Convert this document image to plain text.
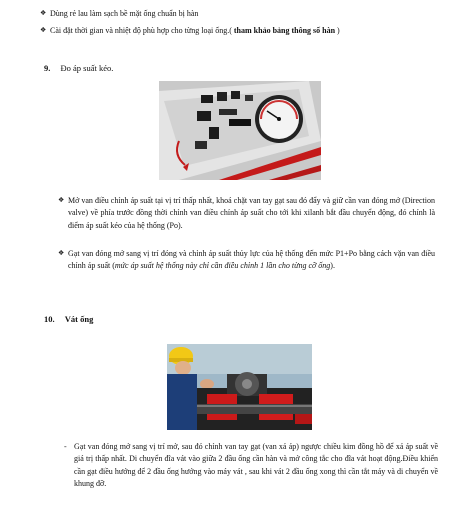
❖ Dùng rẻ lau làm sạch bề mặt ống chuẩn bị hàn
❖ Cài đặt thời gian và nhiệt độ phù hợp cho từng loại ống.( tham khảo bảng thông số hàn )
9. Đo áp suất kéo.
❖ Mở van điều chỉnh áp suất tại vị trí thấp nhất, khoá chặt van tay gạt sau đó đẩy và giữ cần van đóng mở (Direction valve) về phía trước đồng thời chỉnh van điều chỉnh áp suất cho tới khi xilanh bắt đầu chuyển động, đó chính là điểm áp suất kéo của hệ thống (Po).
❖ Gạt van đóng mở sang vị trí đóng và chỉnh áp suất thủy lực của hệ thống đến mức P1+Po bằng cách vặn van điều chỉnh áp suất (mức áp suất hệ thống này chỉ cần điều chỉnh 1 lần cho từng cỡ ống).
10. Vát ống
- Gạt van đóng mở sang vị trí mở, sau đó chỉnh van tay gạt (van xả áp) ngược chiều kim đồng hồ để xả áp suất về giá trị thấp nhất. Di chuyển đĩa vát vào giữa 2 đầu ống cần hàn và mở công tắc cho đĩa vát hoạt động.Điều khiển cần gạt điều hướng để 2 đầu ống hướng vào máy vát , sau khi vát 2 đầu ống xong thì cần tắt máy và di chuyển về khung đỡ.
